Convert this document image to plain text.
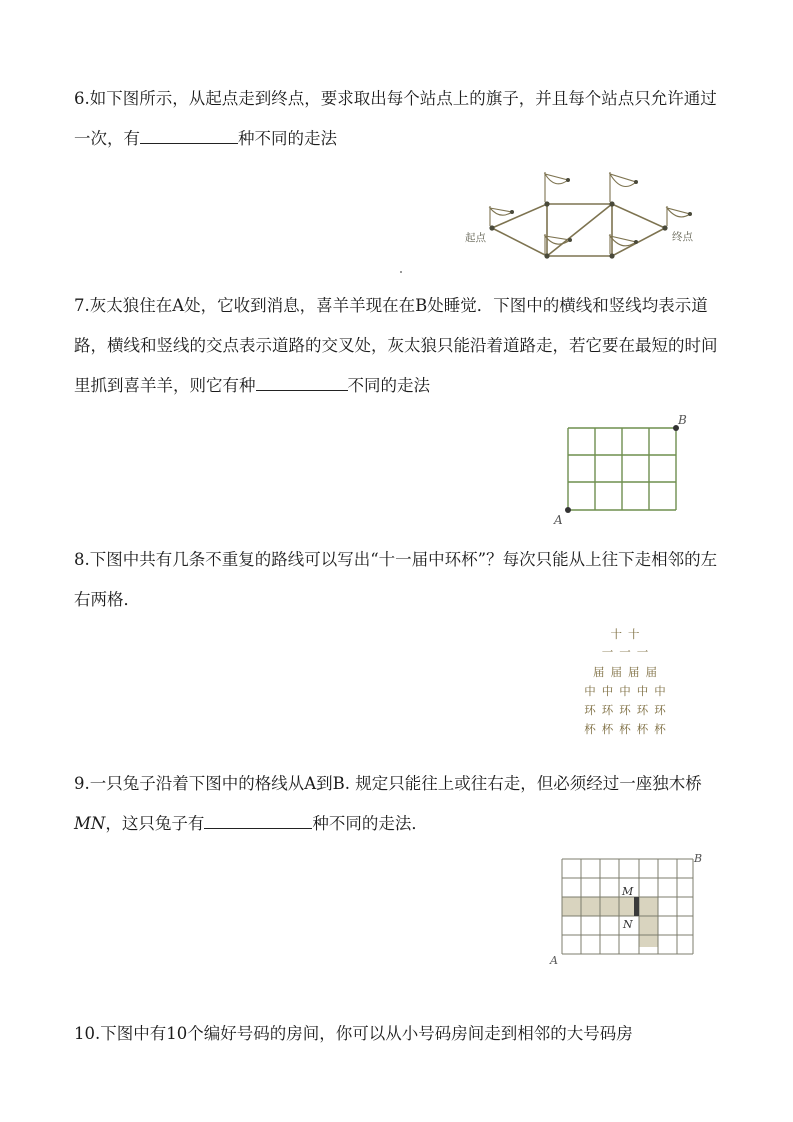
6.如下图所示，从起点走到终点，要求取出每个站点上的旗子，并且每个站点只允许通过一次，有	种不同的走法

起点	终点

7.灰太狼住在A处，它收到消息，喜羊羊现在在B处睡觉．下图中的横线和竖线均表示道路，横线和竖线的交点表示道路的交叉处，灰太狼只能沿着道路走，若它要在最短的时间里抓到喜羊羊，则它有种	不同的走法

A
B

8.下图中共有几条不重复的路线可以写出“十一届中环杯”？每次只能从上往下走相邻的左右两格．

十十
一一一
届届届届
中中中中中
环环环环环
杯杯杯杯杯

9.一只兔子沿着下图中的格线从A到B. 规定只能往上或往右走，但必须经过一座独木桥MN，这只兔子有	种不同的走法．

M
N
A
B

10.下图中有10个编好号码的房间，你可以从小号码房间走到相邻的大号码房
